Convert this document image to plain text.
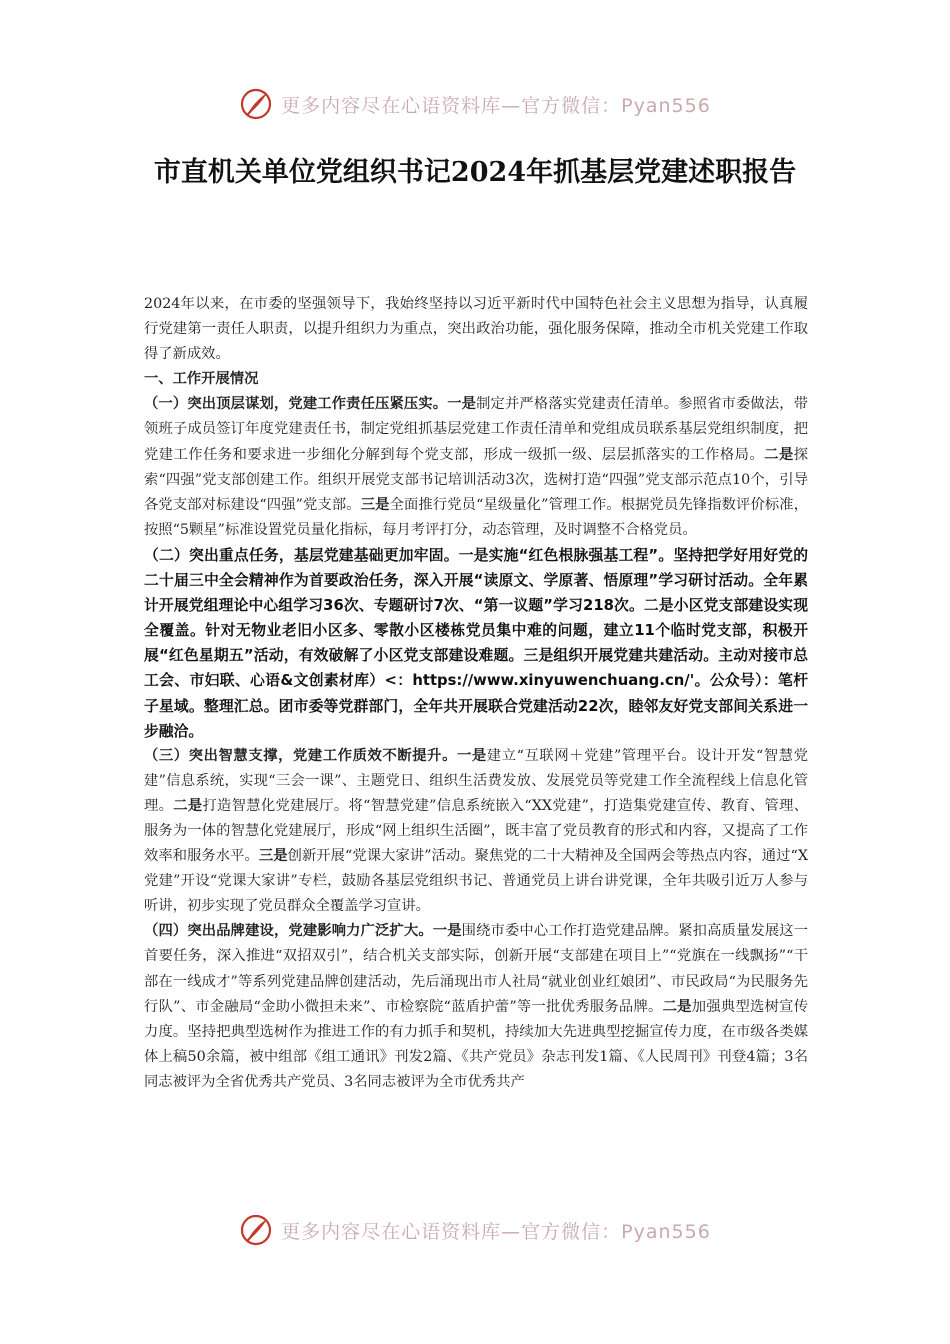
更多内容尽在心语资料库—官方微信：Pyan556
市直机关单位党组织书记2024年抓基层党建述职报告

2024年以来，在市委的坚强领导下，我始终坚持以习近平新时代中国特色社会主义思想为指导，认真履行党建第一责任人职责，以提升组织力为重点，突出政治功能，强化服务保障，推动全市机关党建工作取得了新成效。

一、工作开展情况

（一）突出顶层谋划，党建工作责任压紧压实。一是制定并严格落实党建责任清单。参照省市委做法，带领班子成员签订年度党建责任书，制定党组抓基层党建工作责任清单和党组成员联系基层党组织制度，把党建工作任务和要求进一步细化分解到每个党支部，形成一级抓一级、层层抓落实的工作格局。二是探索“四强”党支部创建工作。组织开展党支部书记培训活动3次，选树打造“四强”党支部示范点10个，引导各党支部对标建设“四强”党支部。三是全面推行党员“星级量化”管理工作。根据党员先锋指数评价标准，按照“5颗星”标准设置党员量化指标，每月考评打分，动态管理，及时调整不合格党员。

（二）突出重点任务，基层党建基础更加牢固。一是实施“红色根脉强基工程”。坚持把学好用好党的二十届三中全会精神作为首要政治任务，深入开展“读原文、学原著、悟原理”学习研讨活动。全年累计开展党组理论中心组学习36次、专题研讨7次、“第一议题”学习218次。二是小区党支部建设实现全覆盖。针对无物业老旧小区多、零散小区楼栋党员集中难的问题，建立11个临时党支部，积极开展“红色星期五”活动，有效破解了小区党支部建设难题。三是组织开展党建共建活动。主动对接市总工会、市妇联、心语&文创素材库）<：https://www.xinyuwenchuang.cn/'。公众号）：笔杆子星域。整理汇总。团市委等党群部门，全年共开展联合党建活动22次，睦邻友好党支部间关系进一步融洽。

（三）突出智慧支撑，党建工作质效不断提升。一是建立“互联网＋党建”管理平台。设计开发“智慧党建”信息系统，实现“三会一课”、主题党日、组织生活费发放、发展党员等党建工作全流程线上信息化管理。二是打造智慧化党建展厅。将“智慧党建”信息系统嵌入“XX党建”，打造集党建宣传、教育、管理、服务为一体的智慧化党建展厅，形成“网上组织生活圈”，既丰富了党员教育的形式和内容，又提高了工作效率和服务水平。三是创新开展“党课大家讲”活动。聚焦党的二十大精神及全国两会等热点内容，通过“X党建”开设“党课大家讲”专栏，鼓励各基层党组织书记、普通党员上讲台讲党课，全年共吸引近万人参与听讲，初步实现了党员群众全覆盖学习宣讲。

（四）突出品牌建设，党建影响力广泛扩大。一是围绕市委中心工作打造党建品牌。紧扣高质量发展这一首要任务，深入推进“双招双引”，结合机关支部实际，创新开展“支部建在项目上”“党旗在一线飘扬”“干部在一线成才”等系列党建品牌创建活动，先后涌现出市人社局“就业创业红娘团”、市民政局“为民服务先行队”、市金融局“金助小微担未来”、市检察院“蓝盾护蕾”等一批优秀服务品牌。二是加强典型选树宣传力度。坚持把典型选树作为推进工作的有力抓手和契机，持续加大先进典型挖掘宣传力度，在市级各类媒体上稿50余篇，被中组部《组工通讯》刊发2篇、《共产党员》杂志刊发1篇、《人民周刊》刊登4篇；3名同志被评为全省优秀共产党员、3名同志被评为全市优秀共产

更多内容尽在心语资料库—官方微信：Pyan556
